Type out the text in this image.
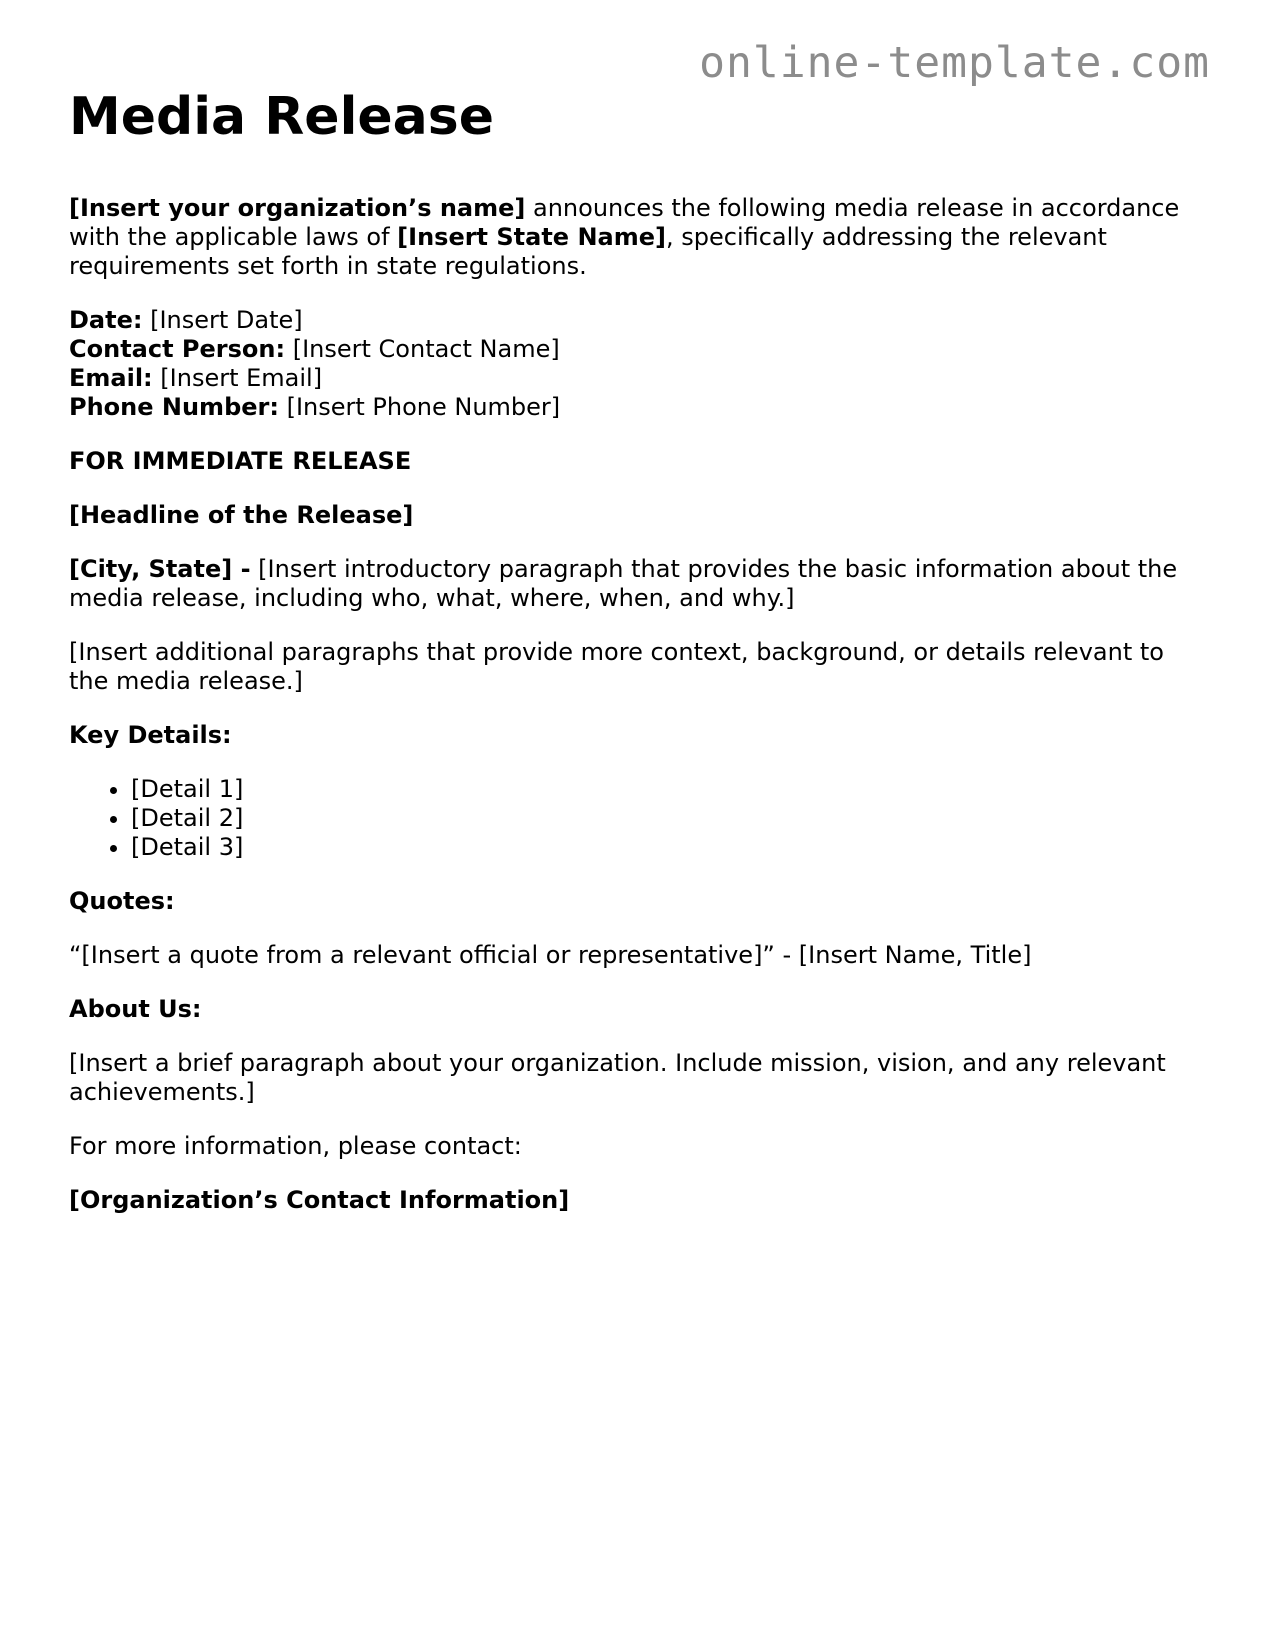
online-template.com
Media Release

[Insert your organization’s name] announces the following media release in accordance with the applicable laws of [Insert State Name], specifically addressing the relevant requirements set forth in state regulations.

Date: [Insert Date]

Contact Person: [Insert Contact Name]

Email: [Insert Email]

Phone Number: [Insert Phone Number]

FOR IMMEDIATE RELEASE

[Headline of the Release]

[City, State] - [Insert introductory paragraph that provides the basic information about the media release, including who, what, where, when, and why.]

[Insert additional paragraphs that provide more context, background, or details relevant to the media release.]

Key Details:

• [Detail 1]
• [Detail 2]
• [Detail 3]

Quotes:

“[Insert a quote from a relevant official or representative]” - [Insert Name, Title]

About Us:

[Insert a brief paragraph about your organization. Include mission, vision, and any relevant achievements.]

For more information, please contact:

[Organization’s Contact Information]
